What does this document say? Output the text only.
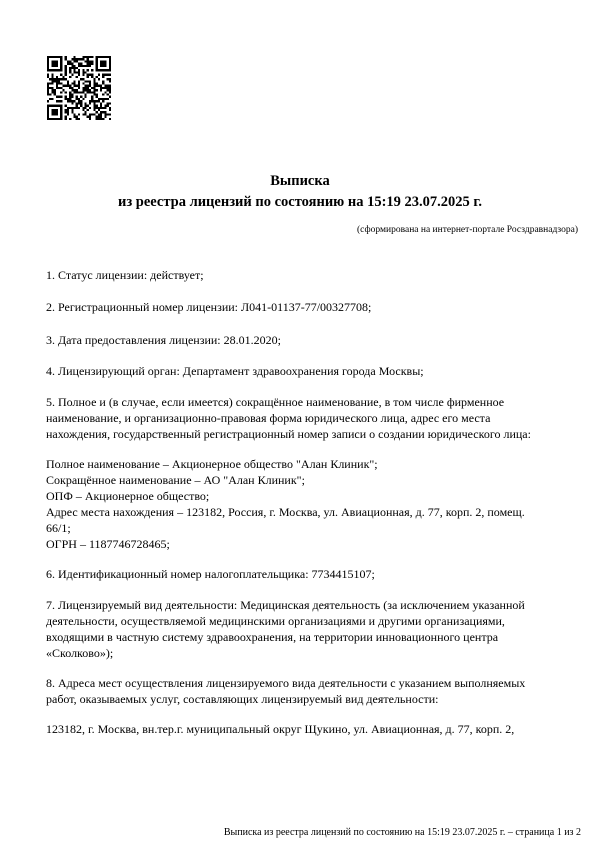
Выписка
из реестра лицензий по состоянию на 15:19 23.07.2025 г.
(сформирована на интернет-портале Росздравнадзора)
1. Статус лицензии: действует;
2. Регистрационный номер лицензии: Л041-01137-77/00327708;
3. Дата предоставления лицензии: 28.01.2020;
4. Лицензирующий орган: Департамент здравоохранения города Москвы;
5. Полное и (в случае, если имеется) сокращённое наименование, в том числе фирменное
наименование, и организационно-правовая форма юридического лица, адрес его места
нахождения, государственный регистрационный номер записи о создании юридического лица:
Полное наименование – Акционерное общество "Алан Клиник";
Сокращённое наименование – АО "Алан Клиник";
ОПФ – Акционерное общество;
Адрес места нахождения – 123182, Россия, г. Москва, ул. Авиационная, д. 77, корп. 2, помещ.
66/1;
ОГРН – 1187746728465;
6. Идентификационный номер налогоплательщика: 7734415107;
7. Лицензируемый вид деятельности: Медицинская деятельность (за исключением указанной
деятельности, осуществляемой медицинскими организациями и другими организациями,
входящими в частную систему здравоохранения, на территории инновационного центра
«Сколково»);
8. Адреса мест осуществления лицензируемого вида деятельности с указанием выполняемых
работ, оказываемых услуг, составляющих лицензируемый вид деятельности:
123182, г. Москва, вн.тер.г. муниципальный округ Щукино, ул. Авиационная, д. 77, корп. 2,
Выписка из реестра лицензий по состоянию на 15:19 23.07.2025 г. – страница 1 из 2
